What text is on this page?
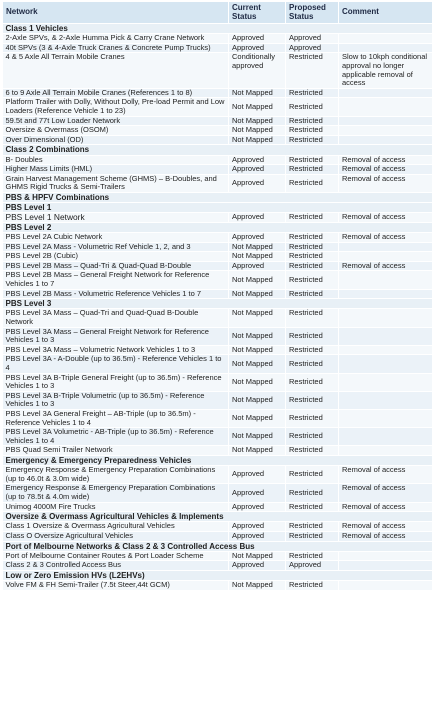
Network	Current Status	Proposed Status	Comment
Class 1 Vehicles			
2-Axle SPVs, & 2-Axle Humma Pick & Carry Crane Network	Approved	Approved	
40t SPVs (3 & 4-Axle Truck Cranes & Concrete Pump Trucks)	Approved	Approved	
4 & 5 Axle All Terrain Mobile Cranes	Conditionally approved	Restricted	Slow to 10kph conditional approval no longer applicable removal of access
6 to 9 Axle All Terrain Mobile Cranes (References 1 to 8)	Not Mapped	Restricted	
Platform Trailer with Dolly, Without Dolly, Pre-load Permit and Low Loaders (Reference Vehicle 1 to 23)	Not Mapped	Restricted	
59.5t and 77t Low Loader Network	Not Mapped	Restricted	
Oversize & Overmass (OSOM)	Not Mapped	Restricted	
Over Dimensional (OD)	Not Mapped	Restricted	
Class 2 Combinations			
B- Doubles	Approved	Restricted	Removal of access
Higher Mass Limits (HML)	Approved	Restricted	Removal of access
Grain Harvest Management Scheme (GHMS) – B-Doubles, and GHMS Rigid Trucks & Semi-Trailers	Approved	Restricted	Removal of access
PBS & HPFV Combinations			
PBS Level 1			
PBS Level 1 Network	Approved	Restricted	Removal of access
PBS Level 2			
PBS Level 2A Cubic Network	Approved	Restricted	Removal of access
PBS Level 2A Mass - Volumetric Ref Vehicle 1, 2, and 3	Not Mapped	Restricted	
PBS Level 2B (Cubic)	Not Mapped	Restricted	
PBS Level 2B Mass – Quad-Tri & Quad-Quad B-Double	Approved	Restricted	Removal of access
PBS Level 2B Mass – General Freight Network for Reference Vehicles 1 to 7	Not Mapped	Restricted	
PBS Level 2B Mass - Volumetric Reference Vehicles 1 to 7	Not Mapped	Restricted	
PBS Level 3			
PBS Level 3A Mass – Quad-Tri and Quad-Quad B-Double Network	Not Mapped	Restricted	
PBS Level 3A Mass – General Freight Network for Reference Vehicles 1 to 3	Not Mapped	Restricted	
PBS Level 3A Mass – Volumetric Network Vehicles 1 to 3	Not Mapped	Restricted	
PBS Level 3A - A-Double (up to 36.5m) - Reference Vehicles 1 to 4	Not Mapped	Restricted	
PBS Level 3A B-Triple General Freight (up to 36.5m) - Reference Vehicles 1 to 3	Not Mapped	Restricted	
PBS Level 3A B-Triple Volumetric (up to 36.5m) - Reference Vehicles 1 to 3	Not Mapped	Restricted	
PBS Level 3A General Freight – AB-Triple (up to 36.5m) - Reference Vehicles 1 to 4	Not Mapped	Restricted	
PBS Level 3A Volumetric - AB-Triple (up to 36.5m) - Reference Vehicles 1 to 4	Not Mapped	Restricted	
PBS Quad Semi Trailer Network	Not Mapped	Restricted	
Emergency & Emergency Preparedness Vehicles			
Emergency Response & Emergency Preparation Combinations (up to 46.0t & 3.0m wide)	Approved	Restricted	Removal of access
Emergency Response & Emergency Preparation Combinations (up to 78.5t & 4.0m wide)	Approved	Restricted	Removal of access
Unimog 4000M Fire Trucks	Approved	Restricted	Removal of access
Oversize & Overmass Agricultural Vehicles & Implements			
Class 1 Oversize & Overmass Agricultural Vehicles	Approved	Restricted	Removal of access
Class O Oversize Agricultural Vehicles	Approved	Restricted	Removal of access
Port of Melbourne Networks & Class 2 & 3 Controlled Access Bus			
Port of Melbourne Container Routes & Port Loader Scheme	Not Mapped	Restricted	
Class 2 & 3 Controlled Access Bus	Approved	Approved	
Low or Zero Emission HVs (L2EHVs)			
Volve FM & FH Semi-Trailer (7.5t Steer,44t GCM)	Not Mapped	Restricted	
